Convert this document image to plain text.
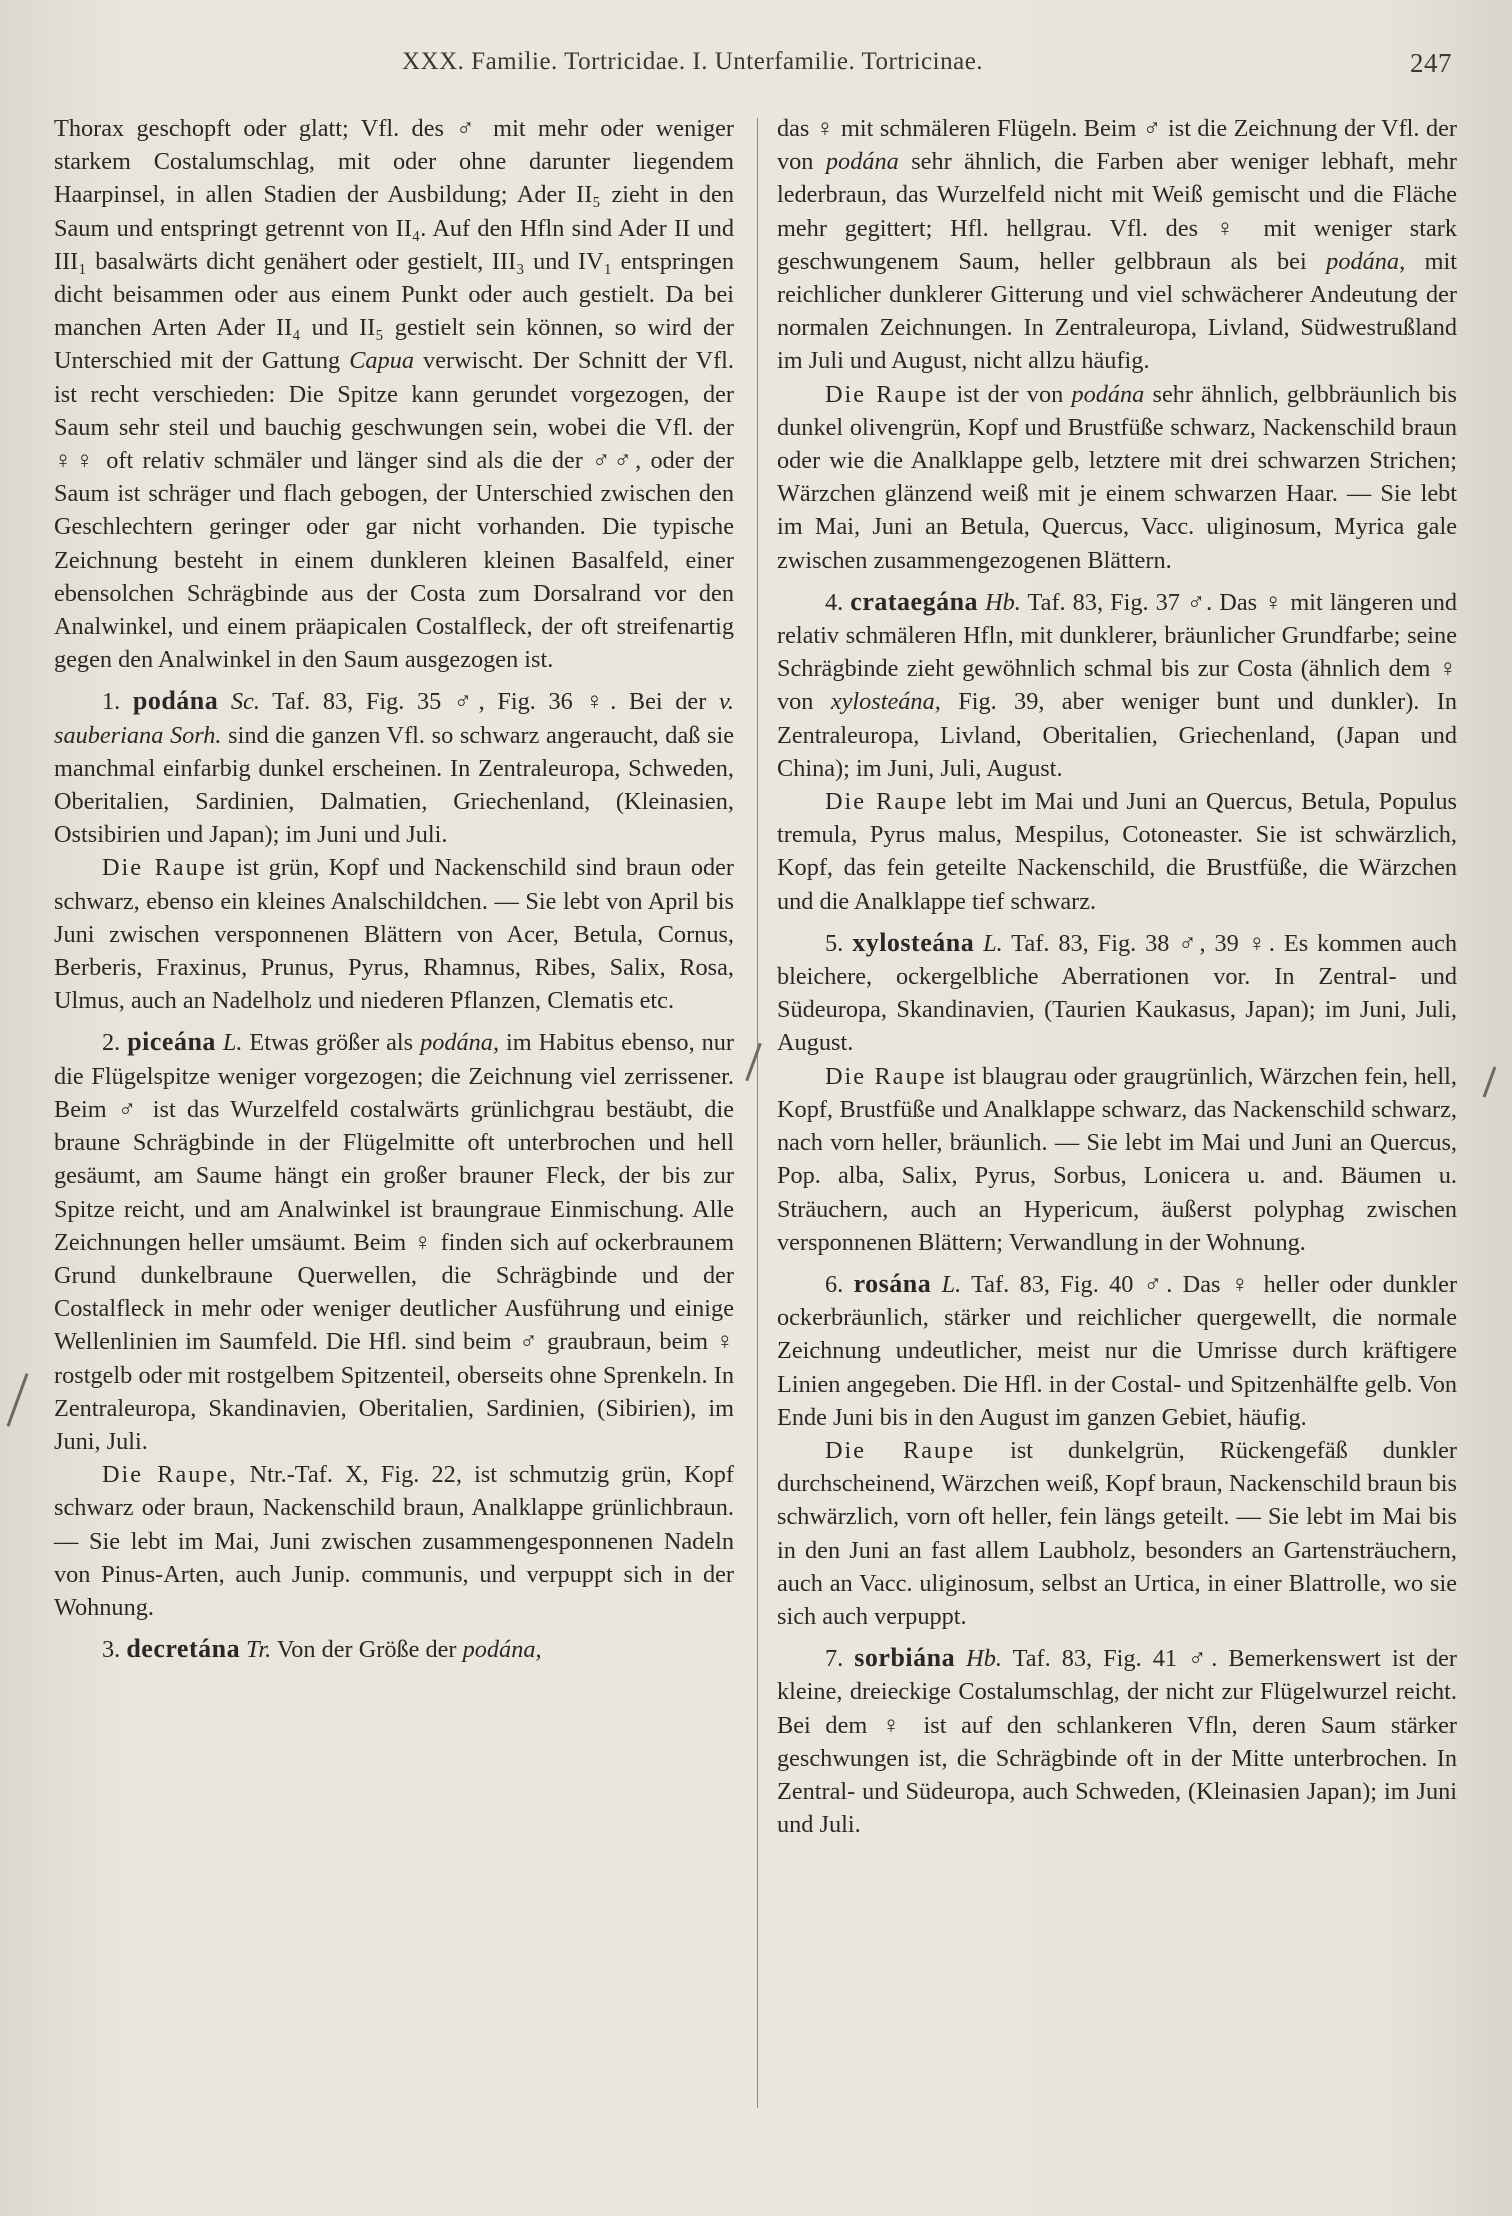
XXX. Familie. Tortricidae. I. Unterfamilie. Tortricinae.	247

Thorax geschopft oder glatt; Vfl. des ♂ mit mehr oder weniger starkem Costalumschlag, mit oder ohne darunter liegendem Haarpinsel, in allen Stadien der Ausbildung; Ader II₅ zieht in den Saum und entspringt getrennt von II₄. Auf den Hfln sind Ader II und III₁ basalwärts dicht genähert oder gestielt, III₃ und IV₁ entspringen dicht beisammen oder aus einem Punkt oder auch gestielt. Da bei manchen Arten Ader II₄ und II₅ gestielt sein können, so wird der Unterschied mit der Gattung Capua verwischt. Der Schnitt der Vfl. ist recht verschieden: Die Spitze kann gerundet vorgezogen, der Saum sehr steil und bauchig geschwungen sein, wobei die Vfl. der ♀♀ oft relativ schmäler und länger sind als die der ♂♂, oder der Saum ist schräger und flach gebogen, der Unterschied zwischen den Geschlechtern geringer oder gar nicht vorhanden. Die typische Zeichnung besteht in einem dunkleren kleinen Basalfeld, einer ebensolchen Schrägbinde aus der Costa zum Dorsalrand vor den Analwinkel, und einem präapicalen Costalfleck, der oft streifenartig gegen den Analwinkel in den Saum ausgezogen ist.

1. podána Sc. Taf. 83, Fig. 35 ♂, Fig. 36 ♀. Bei der v. sauberiana Sorh. sind die ganzen Vfl. so schwarz angeraucht, daß sie manchmal einfarbig dunkel erscheinen. In Zentraleuropa, Schweden, Oberitalien, Sardinien, Dalmatien, Griechenland, (Kleinasien, Ostsibirien und Japan); im Juni und Juli.

Die Raupe ist grün, Kopf und Nackenschild sind braun oder schwarz, ebenso ein kleines Analschildchen. — Sie lebt von April bis Juni zwischen versponnenen Blättern von Acer, Betula, Cornus, Berberis, Fraxinus, Prunus, Pyrus, Rhamnus, Ribes, Salix, Rosa, Ulmus, auch an Nadelholz und niederen Pflanzen, Clematis etc.

2. piceána L. Etwas größer als podána, im Habitus ebenso, nur die Flügelspitze weniger vorgezogen; die Zeichnung viel zerrissener. Beim ♂ ist das Wurzelfeld costalwärts grünlichgrau bestäubt, die braune Schrägbinde in der Flügelmitte oft unterbrochen und hell gesäumt, am Saume hängt ein großer brauner Fleck, der bis zur Spitze reicht, und am Analwinkel ist braungraue Einmischung. Alle Zeichnungen heller umsäumt. Beim ♀ finden sich auf ockerbraunem Grund dunkelbraune Querwellen, die Schrägbinde und der Costalfleck in mehr oder weniger deutlicher Ausführung und einige Wellenlinien im Saumfeld. Die Hfl. sind beim ♂ graubraun, beim ♀ rostgelb oder mit rostgelbem Spitzenteil, oberseits ohne Sprenkeln. In Zentraleuropa, Skandinavien, Oberitalien, Sardinien, (Sibirien), im Juni, Juli.

Die Raupe, Ntr.-Taf. X, Fig. 22, ist schmutzig grün, Kopf schwarz oder braun, Nackenschild braun, Analklappe grünlichbraun. — Sie lebt im Mai, Juni zwischen zusammengesponnenen Nadeln von Pinus-Arten, auch Junip. communis, und verpuppt sich in der Wohnung.

3. decretána Tr. Von der Größe der podána,

das ♀ mit schmäleren Flügeln. Beim ♂ ist die Zeichnung der Vfl. der von podána sehr ähnlich, die Farben aber weniger lebhaft, mehr lederbraun, das Wurzelfeld nicht mit Weiß gemischt und die Fläche mehr gegittert; Hfl. hellgrau. Vfl. des ♀ mit weniger stark geschwungenem Saum, heller gelbbraun als bei podána, mit reichlicher dunklerer Gitterung und viel schwächerer Andeutung der normalen Zeichnungen. In Zentraleuropa, Livland, Südwestrußland im Juli und August, nicht allzu häufig.

Die Raupe ist der von podána sehr ähnlich, gelbbräunlich bis dunkel olivengrün, Kopf und Brustfüße schwarz, Nackenschild braun oder wie die Analklappe gelb, letztere mit drei schwarzen Strichen; Wärzchen glänzend weiß mit je einem schwarzen Haar. — Sie lebt im Mai, Juni an Betula, Quercus, Vacc. uliginosum, Myrica gale zwischen zusammengezogenen Blättern.

4. crataegána Hb. Taf. 83, Fig. 37 ♂. Das ♀ mit längeren und relativ schmäleren Hfln, mit dunklerer, bräunlicher Grundfarbe; seine Schrägbinde zieht gewöhnlich schmal bis zur Costa (ähnlich dem ♀ von xylosteána, Fig. 39, aber weniger bunt und dunkler). In Zentraleuropa, Livland, Oberitalien, Griechenland, (Japan und China); im Juni, Juli, August.

Die Raupe lebt im Mai und Juni an Quercus, Betula, Populus tremula, Pyrus malus, Mespilus, Cotoneaster. Sie ist schwärzlich, Kopf, das fein geteilte Nackenschild, die Brustfüße, die Wärzchen und die Analklappe tief schwarz.

5. xylosteána L. Taf. 83, Fig. 38 ♂, 39 ♀. Es kommen auch bleichere, ockergelbliche Aberrationen vor. In Zentral- und Südeuropa, Skandinavien, (Taurien Kaukasus, Japan); im Juni, Juli, August.

Die Raupe ist blaugrau oder graugrünlich, Wärzchen fein, hell, Kopf, Brustfüße und Analklappe schwarz, das Nackenschild schwarz, nach vorn heller, bräunlich. — Sie lebt im Mai und Juni an Quercus, Pop. alba, Salix, Pyrus, Sorbus, Lonicera u. and. Bäumen u. Sträuchern, auch an Hypericum, äußerst polyphag zwischen versponnenen Blättern; Verwandlung in der Wohnung.

6. rosána L. Taf. 83, Fig. 40 ♂. Das ♀ heller oder dunkler ockerbräunlich, stärker und reichlicher quergewellt, die normale Zeichnung undeutlicher, meist nur die Umrisse durch kräftigere Linien angegeben. Die Hfl. in der Costal- und Spitzenhälfte gelb. Von Ende Juni bis in den August im ganzen Gebiet, häufig.

Die Raupe ist dunkelgrün, Rückengefäß dunkler durchscheinend, Wärzchen weiß, Kopf braun, Nackenschild braun bis schwärzlich, vorn oft heller, fein längs geteilt. — Sie lebt im Mai bis in den Juni an fast allem Laubholz, besonders an Gartensträuchern, auch an Vacc. uliginosum, selbst an Urtica, in einer Blattrolle, wo sie sich auch verpuppt.

7. sorbiána Hb. Taf. 83, Fig. 41 ♂. Bemerkenswert ist der kleine, dreieckige Costalumschlag, der nicht zur Flügelwurzel reicht. Bei dem ♀ ist auf den schlankeren Vfln, deren Saum stärker geschwungen ist, die Schrägbinde oft in der Mitte unterbrochen. In Zentral- und Südeuropa, auch Schweden, (Kleinasien Japan); im Juni und Juli.
